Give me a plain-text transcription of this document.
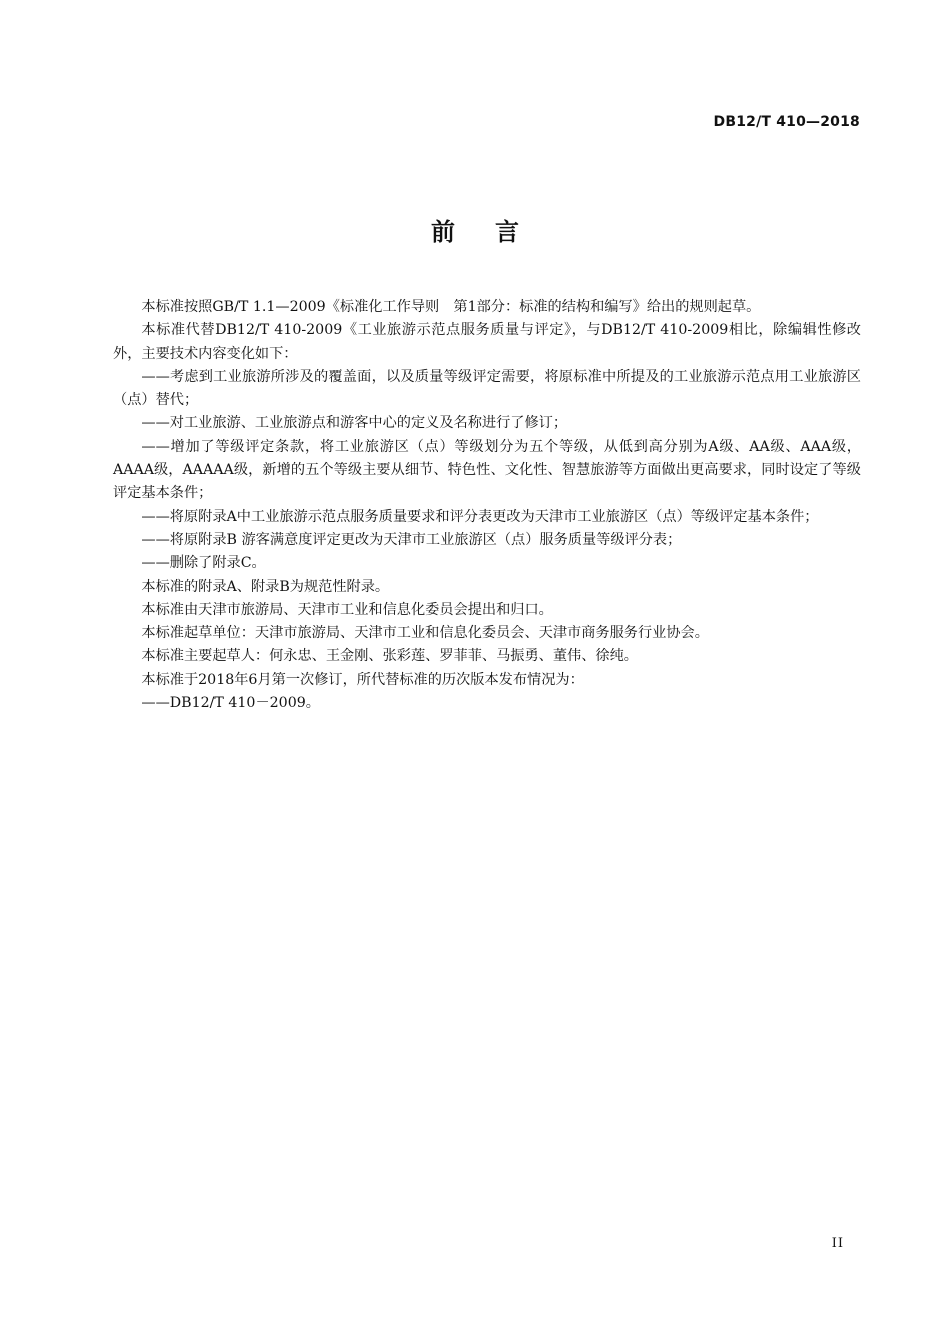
DB12/T 410—2018
前言

本标准按照GB/T 1.1—2009《标准化工作导则　第1部分：标准的结构和编写》给出的规则起草。

本标准代替DB12/T 410-2009《工业旅游示范点服务质量与评定》，与DB12/T 410-2009相比，除编辑性修改外，主要技术内容变化如下：

——考虑到工业旅游所涉及的覆盖面，以及质量等级评定需要，将原标准中所提及的工业旅游示范点用工业旅游区（点）替代；

——对工业旅游、工业旅游点和游客中心的定义及名称进行了修订；

——增加了等级评定条款，将工业旅游区（点）等级划分为五个等级，从低到高分别为A级、AA级、AAA级，AAAA级，AAAAA级，新增的五个等级主要从细节、特色性、文化性、智慧旅游等方面做出更高要求，同时设定了等级评定基本条件；

——将原附录A中工业旅游示范点服务质量要求和评分表更改为天津市工业旅游区（点）等级评定基本条件；

——将原附录B 游客满意度评定更改为天津市工业旅游区（点）服务质量等级评分表；

——删除了附录C。

本标准的附录A、附录B为规范性附录。

本标准由天津市旅游局、天津市工业和信息化委员会提出和归口。

本标准起草单位：天津市旅游局、天津市工业和信息化委员会、天津市商务服务行业协会。

本标准主要起草人：何永忠、王金刚、张彩莲、罗菲菲、马振勇、董伟、徐纯。

本标准于2018年6月第一次修订，所代替标准的历次版本发布情况为：

——DB12/T 410－2009。

II
